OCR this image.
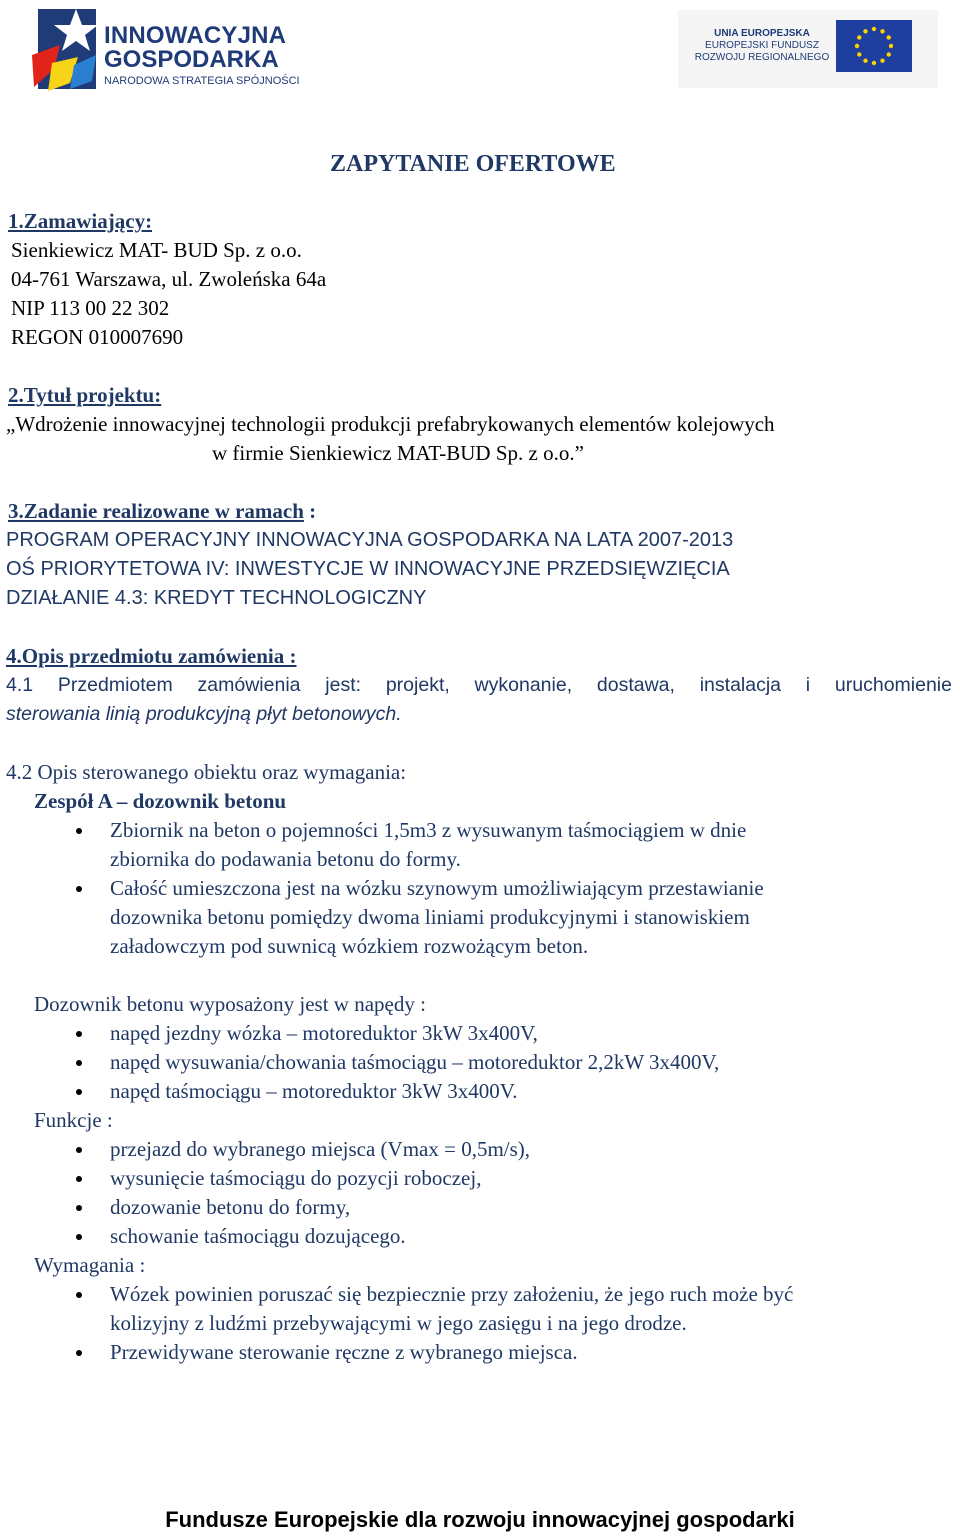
INNOWACYJNA
GOSPODARKA
NARODOWA STRATEGIA SPÓJNOŚCI
UNIA EUROPEJSKA
EUROPEJSKI FUNDUSZ
ROZWOJU REGIONALNEGO
ZAPYTANIE OFERTOWE
1.Zamawiający:
Sienkiewicz MAT- BUD Sp. z o.o.
04-761 Warszawa, ul. Zwoleńska 64a
NIP 113 00 22 302
REGON 010007690
2.Tytuł projektu:
„Wdrożenie innowacyjnej technologii produkcji prefabrykowanych elementów kolejowych
w firmie Sienkiewicz MAT-BUD Sp. z o.o.”
3.Zadanie realizowane w ramach :
PROGRAM OPERACYJNY INNOWACYJNA GOSPODARKA NA LATA 2007-2013
OŚ PRIORYTETOWA IV: INWESTYCJE W INNOWACYJNE PRZEDSIĘWZIĘCIA
DZIAŁANIE 4.3: KREDYT TECHNOLOGICZNY
4.Opis przedmiotu zamówienia :
4.1 Przedmiotem zamówienia jest: projekt, wykonanie, dostawa, instalacja i uruchomienie
sterowania linią produkcyjną płyt betonowych.
4.2 Opis sterowanego obiektu oraz wymagania:
Zespół A – dozownik betonu
Zbiornik na beton o pojemności 1,5m3 z wysuwanym taśmociągiem w dnie
zbiornika do podawania betonu do formy.
Całość umieszczona jest na wózku szynowym umożliwiającym przestawianie
dozownika betonu pomiędzy dwoma liniami produkcyjnymi i stanowiskiem
załadowczym pod suwnicą wózkiem rozwożącym beton.
Dozownik betonu wyposażony jest w napędy :
napęd jezdny wózka – motoreduktor 3kW 3x400V,
napęd wysuwania/chowania taśmociągu – motoreduktor 2,2kW 3x400V,
napęd taśmociągu – motoreduktor 3kW 3x400V.
Funkcje :
przejazd do wybranego miejsca (Vmax = 0,5m/s),
wysunięcie taśmociągu do pozycji roboczej,
dozowanie betonu do formy,
schowanie taśmociągu dozującego.
Wymagania :
Wózek powinien poruszać się bezpiecznie przy założeniu, że jego ruch może być
kolizyjny z ludźmi przebywającymi w jego zasięgu i na jego drodze.
Przewidywane sterowanie ręczne z wybranego miejsca.
Fundusze Europejskie dla rozwoju innowacyjnej gospodarki
